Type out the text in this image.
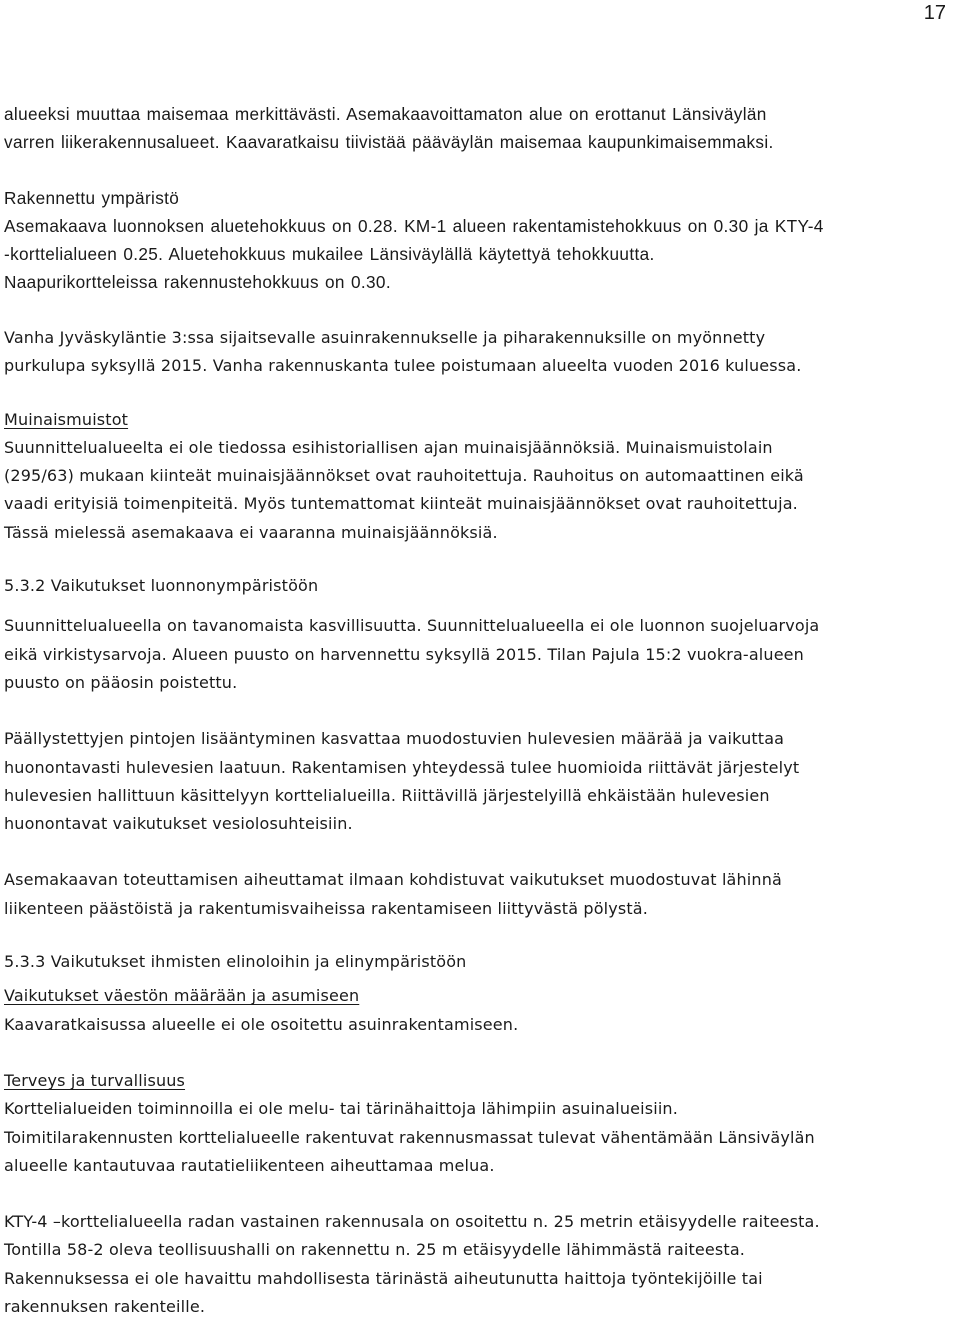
17

alueeksi muuttaa maisemaa merkittävästi. Asemakaavoittamaton alue on erottanut Länsiväylän
varren liikerakennusalueet. Kaavaratkaisu tiivistää pääväylän maisemaa kaupunkimaisemmaksi.

Rakennettu ympäristö

Asemakaava luonnoksen aluetehokkuus on 0.28. KM-1 alueen rakentamistehokkuus on 0.30 ja KTY-4
-korttelialueen 0.25. Aluetehokkuus mukailee Länsiväylällä käytettyä tehokkuutta.
Naapurikortteleissa rakennustehokkuus on 0.30.

Vanha Jyväskyläntie 3:ssa sijaitsevalle asuinrakennukselle ja piharakennuksille on myönnetty
purkulupa syksyllä 2015. Vanha rakennuskanta tulee poistumaan alueelta vuoden 2016 kuluessa.

Muinaismuistot

Suunnittelualueelta ei ole tiedossa esihistoriallisen ajan muinaisjäännöksiä. Muinaismuistolain
(295/63) mukaan kiinteät muinaisjäännökset ovat rauhoitettuja. Rauhoitus on automaattinen eikä
vaadi erityisiä toimenpiteitä. Myös tuntemattomat kiinteät muinaisjäännökset ovat rauhoitettuja.
Tässä mielessä asemakaava ei vaaranna muinaisjäännöksiä.

5.3.2 Vaikutukset luonnonympäristöön

Suunnittelualueella on tavanomaista kasvillisuutta. Suunnittelualueella ei ole luonnon suojeluarvoja
eikä virkistysarvoja. Alueen puusto on harvennettu syksyllä 2015. Tilan Pajula 15:2 vuokra-alueen
puusto on pääosin poistettu.

Päällystettyjen pintojen lisääntyminen kasvattaa muodostuvien hulevesien määrää ja vaikuttaa
huonontavasti hulevesien laatuun. Rakentamisen yhteydessä tulee huomioida riittävät järjestelyt
hulevesien hallittuun käsittelyyn korttelialueilla. Riittävillä järjestelyillä ehkäistään hulevesien
huonontavat vaikutukset vesiolosuhteisiin.

Asemakaavan toteuttamisen aiheuttamat ilmaan kohdistuvat vaikutukset muodostuvat lähinnä
liikenteen päästöistä ja rakentumisvaiheissa rakentamiseen liittyvästä pölystä.

5.3.3 Vaikutukset ihmisten elinoloihin ja elinympäristöön

Vaikutukset väestön määrään ja asumiseen

Kaavaratkaisussa alueelle ei ole osoitettu asuinrakentamiseen.

Terveys ja turvallisuus

Korttelialueiden toiminnoilla ei ole melu- tai tärinähaittoja lähimpiin asuinalueisiin.
Toimitilarakennusten korttelialueelle rakentuvat rakennusmassat tulevat vähentämään Länsiväylän
alueelle kantautuvaa rautatieliikenteen aiheuttamaa melua.

KTY-4 –korttelialueella radan vastainen rakennusala on osoitettu n. 25 metrin etäisyydelle raiteesta.
Tontilla 58-2 oleva teollisuushalli on rakennettu n. 25 m etäisyydelle lähimmästä raiteesta.
Rakennuksessa ei ole havaittu mahdollisesta tärinästä aiheutunutta haittoja työntekijöille tai
rakennuksen rakenteille.
